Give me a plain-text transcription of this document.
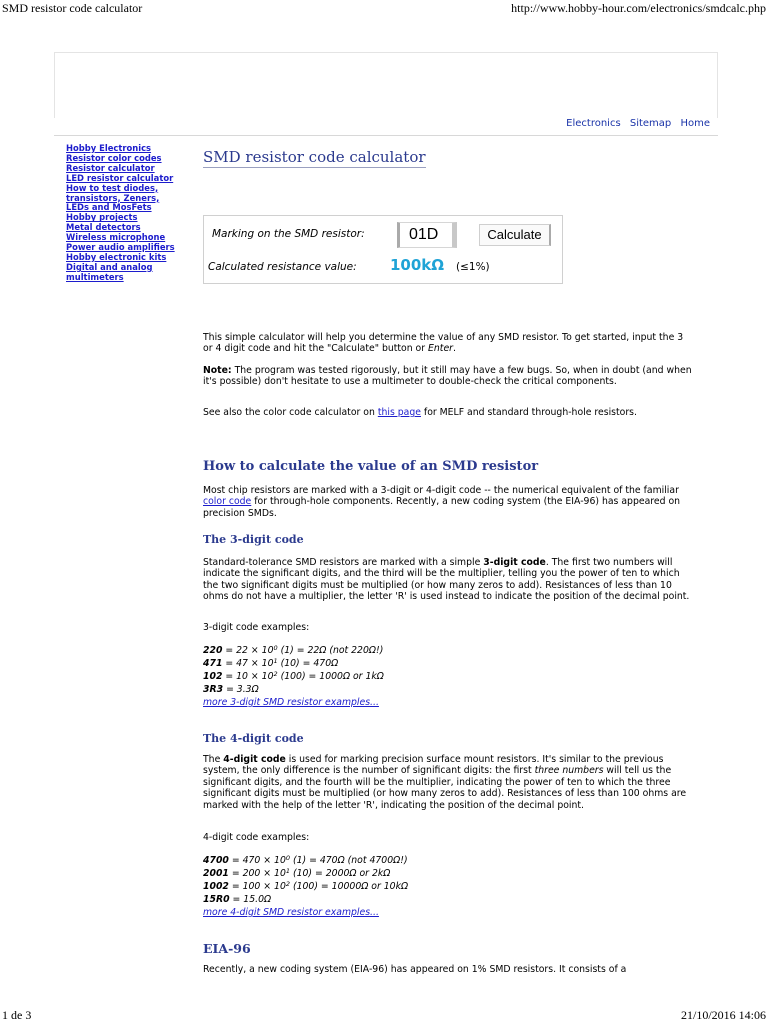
SMD resistor code calculator	http://www.hobby-hour.com/electronics/smdcalc.php
Electronics Sitemap Home
Hobby Electronics
Resistor color codes
Resistor calculator
LED resistor calculator
How to test diodes,
transistors, Zeners,
LEDs and MosFets
Hobby projects
Metal detectors
Wireless microphone
Power audio amplifiers
Hobby electronic kits
Digital and analog
multimeters
SMD resistor code calculator
Marking on the SMD resistor:	01D	Calculate
Calculated resistance value: 100kΩ (≤1%)

This simple calculator will help you determine the value of any SMD resistor. To get started, input the 3 or 4 digit code and hit the "Calculate" button or Enter.

Note: The program was tested rigorously, but it still may have a few bugs. So, when in doubt (and when it's possible) don't hesitate to use a multimeter to double-check the critical components.

See also the color code calculator on this page for MELF and standard through-hole resistors.

How to calculate the value of an SMD resistor

Most chip resistors are marked with a 3-digit or 4-digit code -- the numerical equivalent of the familiar color code for through-hole components. Recently, a new coding system (the EIA-96) has appeared on precision SMDs.

The 3-digit code

Standard-tolerance SMD resistors are marked with a simple 3-digit code. The first two numbers will indicate the significant digits, and the third will be the multiplier, telling you the power of ten to which the two significant digits must be multiplied (or how many zeros to add). Resistances of less than 10 ohms do not have a multiplier, the letter 'R' is used instead to indicate the position of the decimal point.

3-digit code examples:

$220 = 22 \times 10^0$ (1) = 22Ω (not 220Ω!)
$471 = 47 \times 10^1$ (10) = 470Ω
$102 = 10 \times 10^2$ (100) = 1000Ω or 1kΩ
3R3 = 3.3Ω
more 3-digit SMD resistor examples...
The 4-digit code

The 4-digit code is used for marking precision surface mount resistors. It's similar to the previous system, the only difference is the number of significant digits: the first three numbers will tell us the significant digits, and the fourth will be the multiplier, indicating the power of ten to which the three significant digits must be multiplied (or how many zeros to add). Resistances of less than 100 ohms are marked with the help of the letter 'R', indicating the position of the decimal point.

4-digit code examples:

$4700 = 470 \times 10^0$ (1) = 470Ω (not 4700Ω!)
$2001 = 200 \times 10^1$ (10) = 2000Ω or 2kΩ
$1002 = 100 \times 10^2$ (100) = 10000Ω or 10kΩ
15R0 = 15.0Ω
more 4-digit SMD resistor examples...
EIA-96

Recently, a new coding system (EIA-96) has appeared on 1% SMD resistors. It consists of a

1 de 3	21/10/2016 14:06
